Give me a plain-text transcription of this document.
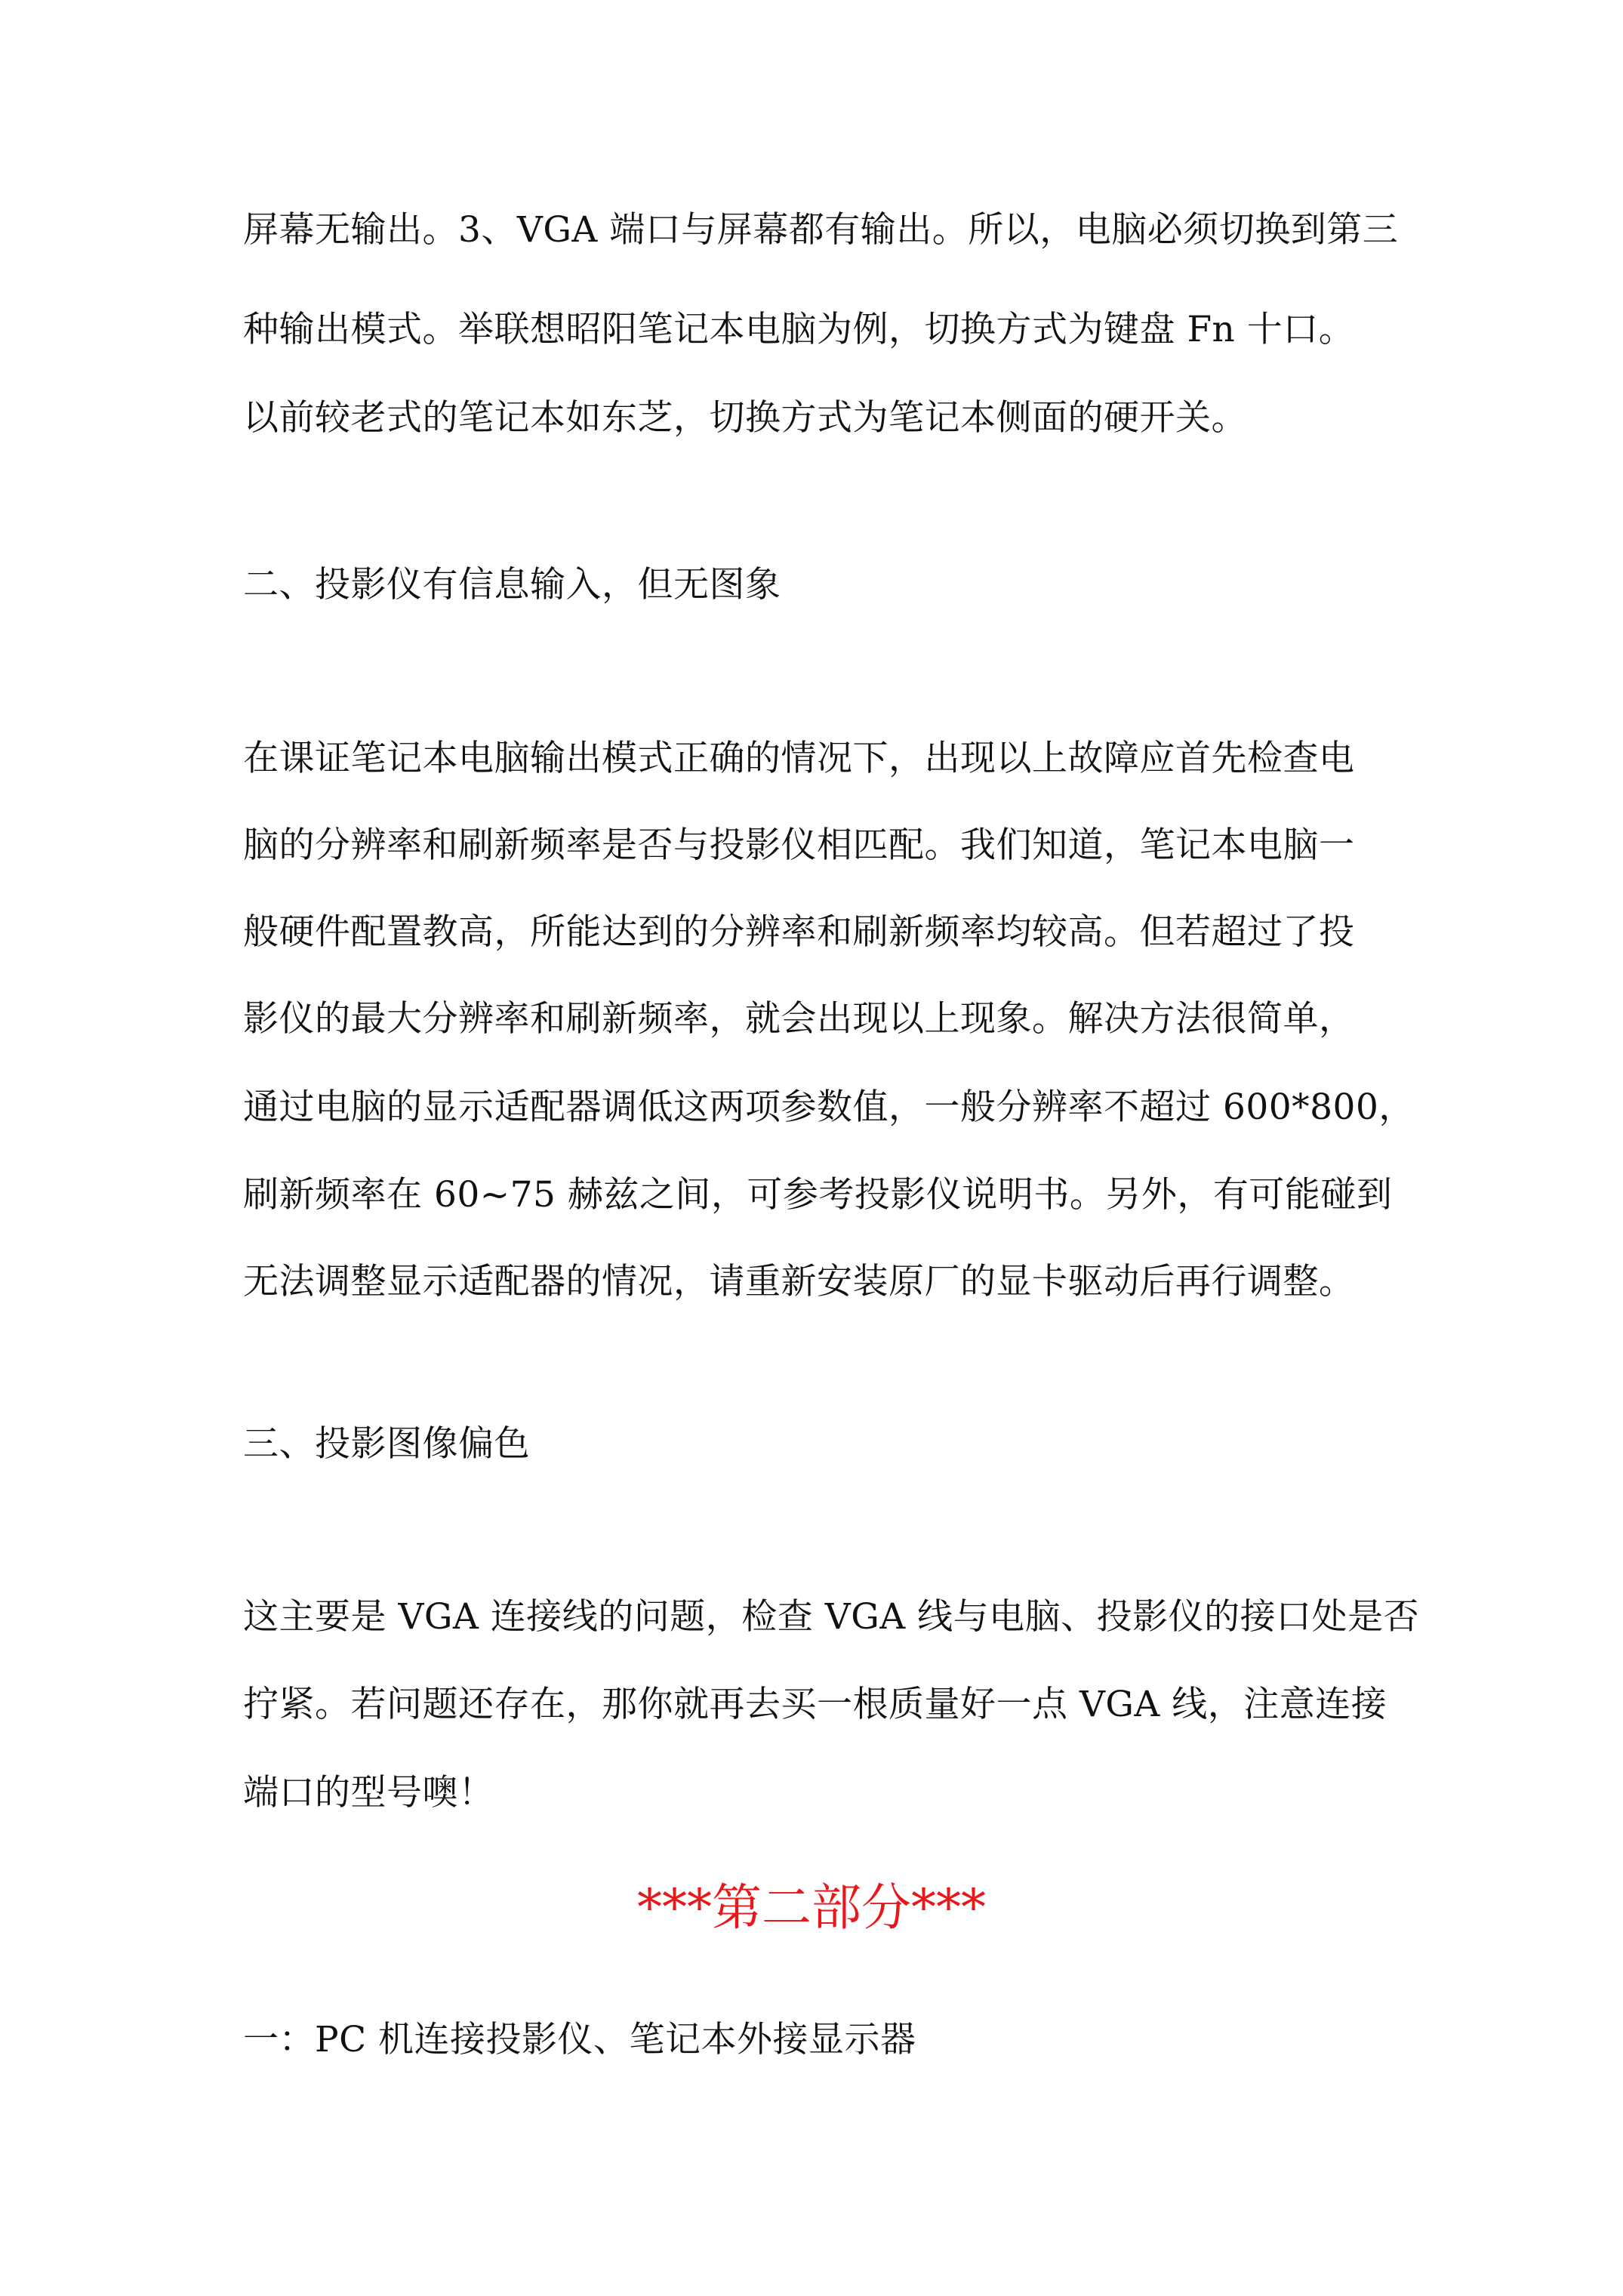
屏幕无输出。3、VGA 端口与屏幕都有输出。所以，电脑必须切换到第三
种输出模式。举联想昭阳笔记本电脑为例，切换方式为键盘 Fn 十口。
以前较老式的笔记本如东芝，切换方式为笔记本侧面的硬开关。
二、投影仪有信息输入，但无图象
在课证笔记本电脑输出模式正确的情况下，出现以上故障应首先检查电
脑的分辨率和刷新频率是否与投影仪相匹配。我们知道，笔记本电脑一
般硬件配置教高，所能达到的分辨率和刷新频率均较高。但若超过了投
影仪的最大分辨率和刷新频率，就会出现以上现象。解决方法很简单，
通过电脑的显示适配器调低这两项参数值，一般分辨率不超过 600*800，
刷新频率在 60~75 赫兹之间，可参考投影仪说明书。另外，有可能碰到
无法调整显示适配器的情况，请重新安装原厂的显卡驱动后再行调整。
三、投影图像偏色
这主要是 VGA 连接线的问题，检查 VGA 线与电脑、投影仪的接口处是否
拧紧。若问题还存在，那你就再去买一根质量好一点 VGA 线，注意连接
端口的型号噢！
***第二部分***
一：PC 机连接投影仪、笔记本外接显示器
